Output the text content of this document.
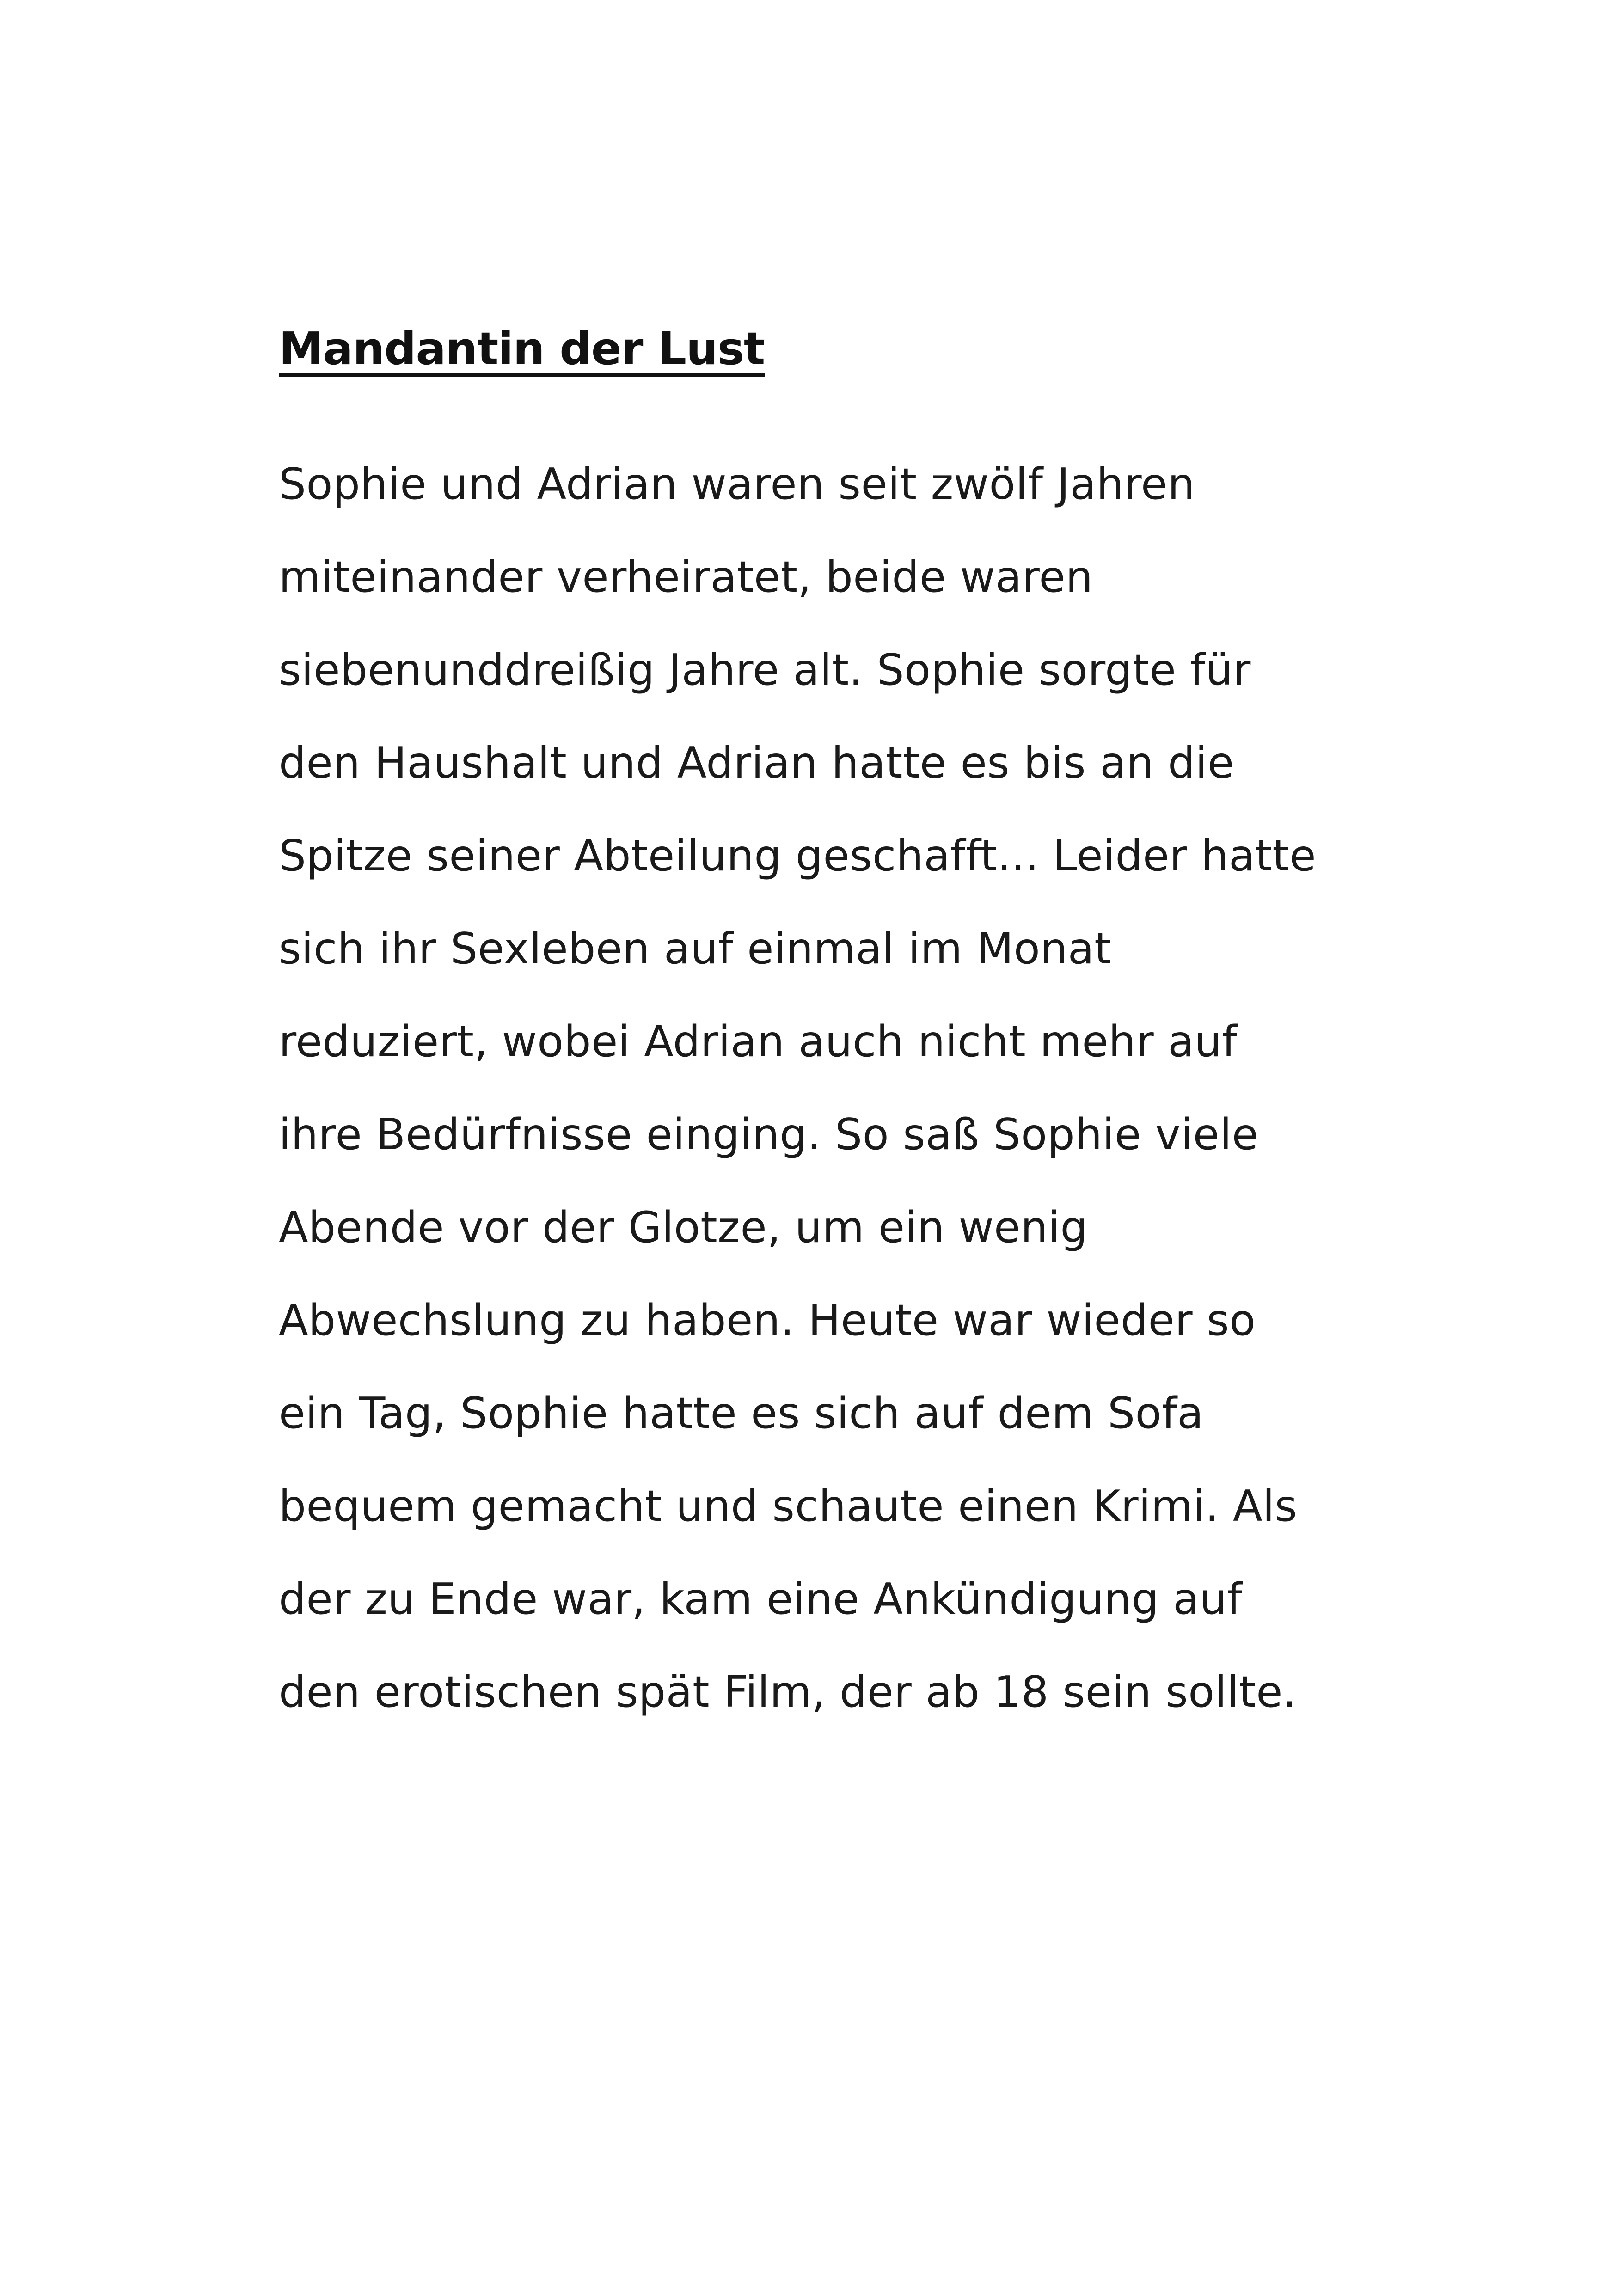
Mandantin der Lust
Sophie und Adrian waren seit zwölf Jahren
miteinander verheiratet, beide waren
siebenunddreißig Jahre alt. Sophie sorgte für
den Haushalt und Adrian hatte es bis an die
Spitze seiner Abteilung geschafft... Leider hatte
sich ihr Sexleben auf einmal im Monat
reduziert, wobei Adrian auch nicht mehr auf
ihre Bedürfnisse einging. So saß Sophie viele
Abende vor der Glotze, um ein wenig
Abwechslung zu haben. Heute war wieder so
ein Tag, Sophie hatte es sich auf dem Sofa
bequem gemacht und schaute einen Krimi. Als
der zu Ende war, kam eine Ankündigung auf
den erotischen spät Film, der ab 18 sein sollte.
